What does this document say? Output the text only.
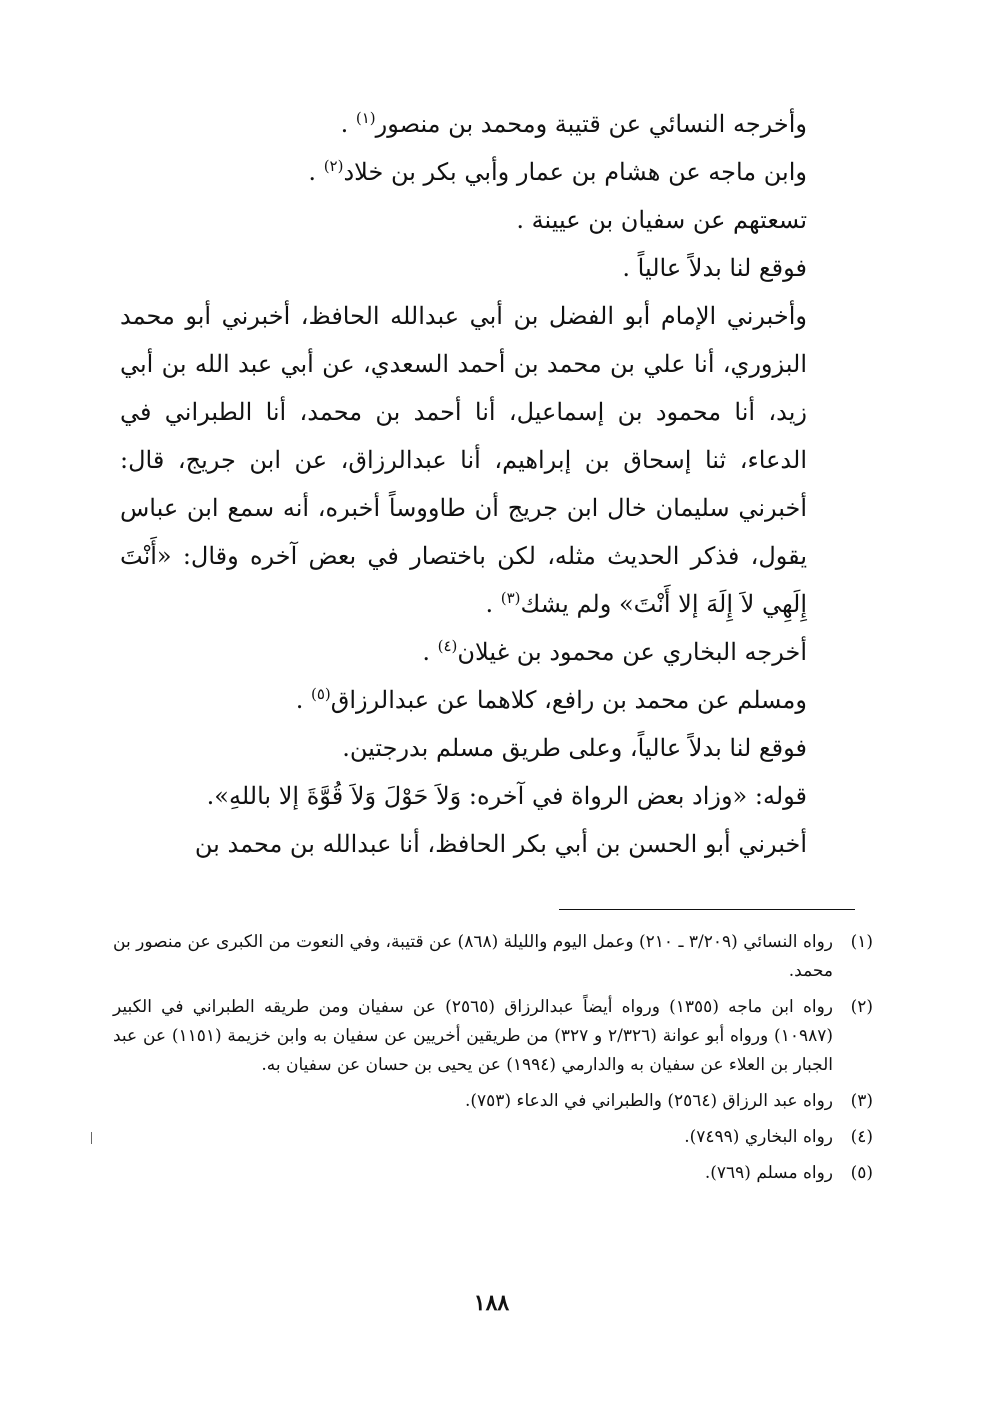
وأخرجه النسائي عن قتيبة ومحمد بن منصور$^{(١)}$ .

وابن ماجه عن هشام بن عمار وأبي بكر بن خلاد$^{(٢)}$ .

تسعتهم عن سفيان بن عيينة .

فوقع لنا بدلاً عالياً .

وأخبرني الإمام أبو الفضل بن أبي عبدالله الحافظ، أخبرني أبو محمد البزوري، أنا علي بن محمد بن أحمد السعدي، عن أبي عبد الله بن أبي زيد، أنا محمود بن إسماعيل، أنا أحمد بن محمد، أنا الطبراني في الدعاء، ثنا إسحاق بن إبراهيم، أنا عبدالرزاق، عن ابن جريج، قال: أخبرني سليمان خال ابن جريج أن طاووساً أخبره، أنه سمع ابن عباس يقول، فذكر الحديث مثله، لكن باختصار في بعض آخره وقال: «أَنْتَ إِلَهِي لاَ إِلَهَ إلا أَنْتَ» ولم يشك$^{(٣)}$ .

أخرجه البخاري عن محمود بن غيلان$^{(٤)}$ .

ومسلم عن محمد بن رافع، كلاهما عن عبدالرزاق$^{(٥)}$ .

فوقع لنا بدلاً عالياً، وعلى طريق مسلم بدرجتين.

قوله: «وزاد بعض الرواة في آخره: وَلاَ حَوْلَ وَلاَ قُوَّةَ إلا باللهِ».

أخبرني أبو الحسن بن أبي بكر الحافظ، أنا عبدالله بن محمد بن

(١)
رواه النسائي (٣/٢٠٩ ـ ٢١٠) وعمل اليوم والليلة (٨٦٨) عن قتيبة، وفي النعوت من الكبرى عن منصور بن محمد.
(٢)
رواه ابن ماجه (١٣٥٥) ورواه أيضاً عبدالرزاق (٢٥٦٥) عن سفيان ومن طريقه الطبراني في الكبير (١٠٩٨٧) ورواه أبو عوانة (٢/٣٢٦ و ٣٢٧) من طريقين أخريين عن سفيان به وابن خزيمة (١١٥١) عن عبد الجبار بن العلاء عن سفيان به والدارمي (١٩٩٤) عن يحيى بن حسان عن سفيان به.
(٣)
رواه عبد الرزاق (٢٥٦٤) والطبراني في الدعاء (٧٥٣).
(٤)
رواه البخاري (٧٤٩٩).
(٥)
رواه مسلم (٧٦٩).
١٨٨
